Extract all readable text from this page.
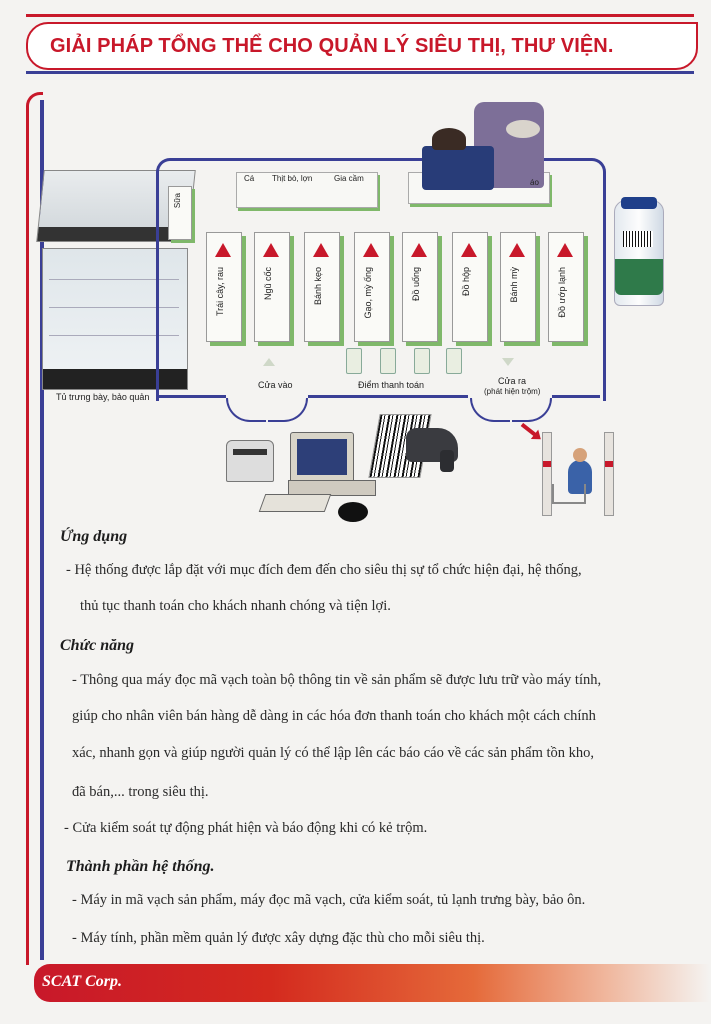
GIẢI PHÁP TỔNG THỂ CHO QUẢN LÝ SIÊU THỊ, THƯ VIỆN.
Tủ trưng bày, bảo quản
Sữa
Cá Thịt bò, lợn	Gia cầm	áo
Trái cây, rau	Ngũ cốc	Bánh kẹo	Gạo, mỳ ống	Đồ uống	Đồ hộp	Bánh mỳ	Đồ ướp lạnh
Cửa vào	Điểm thanh toán	Cửa ra
(phát hiện trộm)
Ứng dụng
- Hệ thống được lắp đặt với mục đích đem đến cho siêu thị sự tổ chức hiện đại, hệ thống,
thủ tục thanh toán cho khách nhanh chóng và tiện lợi.
Chức năng
- Thông qua máy đọc mã vạch toàn bộ thông tin về sản phẩm sẽ được lưu trữ vào máy tính,
giúp cho nhân viên bán hàng dễ dàng in các hóa đơn thanh toán cho khách một cách chính
xác, nhanh gọn và giúp người quản lý có thể lập lên các báo cáo về các sản phẩm tồn kho,
đã bán,... trong siêu thị.
- Cửa kiểm soát tự động phát hiện và báo động khi có kẻ trộm.
Thành phần hệ thống.
- Máy in mã vạch sản phẩm, máy đọc mã vạch, cửa kiểm soát, tủ lạnh trưng bày, bảo ôn.
- Máy tính, phần mềm quản lý được xây dựng đặc thù cho mỗi siêu thị.
SCAT Corp.
